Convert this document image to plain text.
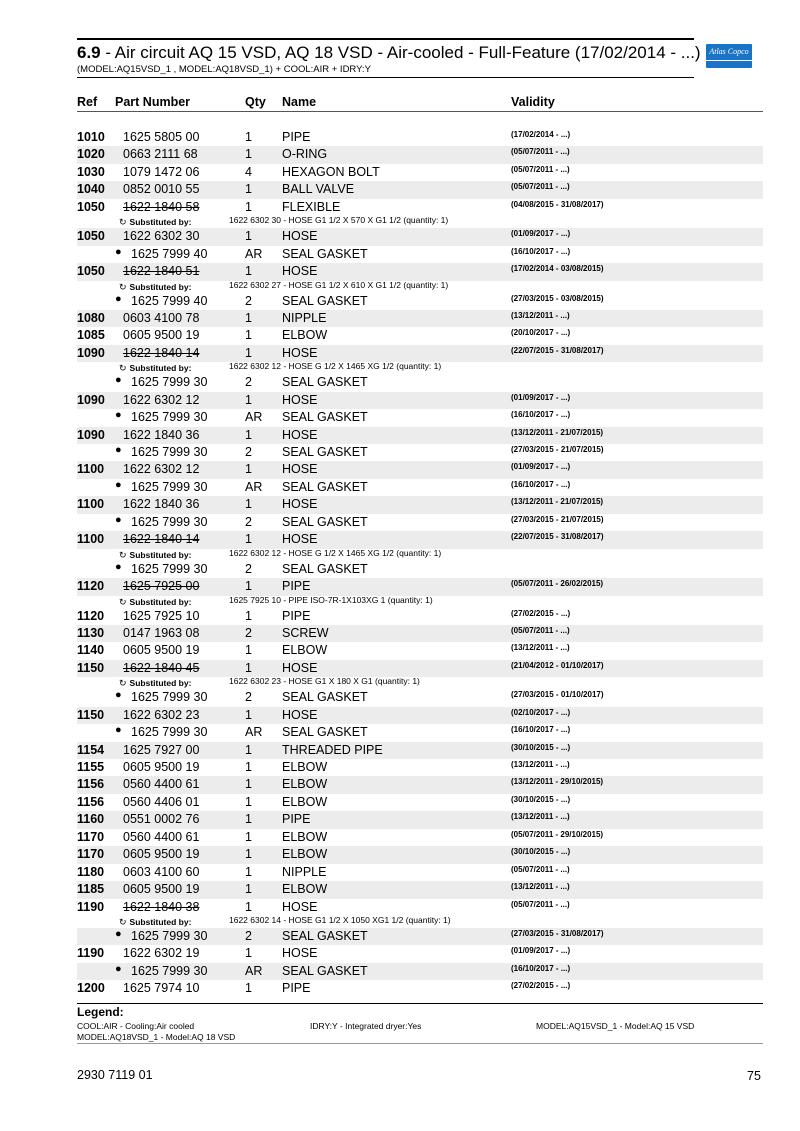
6.9 - Air circuit AQ 15 VSD, AQ 18 VSD - Air-cooled - Full-Feature (17/02/2014 - ...)
(MODEL:AQ15VSD_1 , MODEL:AQ18VSD_1) + COOL:AIR + IDRY:Y
Atlas Copco
Ref Part Number	Qty Name	Validity
1010 1625 5805 00	1 PIPE	(17/02/2014 - ...)
1020 0663 2111 68	1 O-RING	(05/07/2011 - ...)
1030 1079 1472 06	4 HEXAGON BOLT	(05/07/2011 - ...)
1040 0852 0010 55	1 BALL VALVE	(05/07/2011 - ...)
1050 1622 1840 58	1 FLEXIBLE	(04/08/2015 - 31/08/2017)
↻ Substituted by:	1622 6302 30 - HOSE G1 1/2 X 570 X G1 1/2 (quantity: 1)
1050 1622 6302 30	1 HOSE	(01/09/2017 - ...)
● 1625 7999 40	AR SEAL GASKET	(16/10/2017 - ...)
1050 1622 1840 51	1 HOSE	(17/02/2014 - 03/08/2015)
↻ Substituted by:	1622 6302 27 - HOSE G1 1/2 X 610 X G1 1/2 (quantity: 1)
● 1625 7999 40	2 SEAL GASKET	(27/03/2015 - 03/08/2015)
1080 0603 4100 78	1 NIPPLE	(13/12/2011 - ...)
1085 0605 9500 19	1 ELBOW	(20/10/2017 - ...)
1090 1622 1840 14	1 HOSE	(22/07/2015 - 31/08/2017)
↻ Substituted by:	1622 6302 12 - HOSE G 1/2 X 1465 XG 1/2 (quantity: 1)
● 1625 7999 30	2 SEAL GASKET
1090 1622 6302 12	1 HOSE	(01/09/2017 - ...)
● 1625 7999 30	AR SEAL GASKET	(16/10/2017 - ...)
1090 1622 1840 36	1 HOSE	(13/12/2011 - 21/07/2015)
● 1625 7999 30	2 SEAL GASKET	(27/03/2015 - 21/07/2015)
1100 1622 6302 12	1 HOSE	(01/09/2017 - ...)
● 1625 7999 30	AR SEAL GASKET	(16/10/2017 - ...)
1100 1622 1840 36	1 HOSE	(13/12/2011 - 21/07/2015)
● 1625 7999 30	2 SEAL GASKET	(27/03/2015 - 21/07/2015)
1100 1622 1840 14	1 HOSE	(22/07/2015 - 31/08/2017)
↻ Substituted by:	1622 6302 12 - HOSE G 1/2 X 1465 XG 1/2 (quantity: 1)
● 1625 7999 30	2 SEAL GASKET
1120 1625 7925 00	1 PIPE	(05/07/2011 - 26/02/2015)
↻ Substituted by:	1625 7925 10 - PIPE ISO-7R-1X103XG 1 (quantity: 1)
1120 1625 7925 10	1 PIPE	(27/02/2015 - ...)
1130 0147 1963 08	2 SCREW	(05/07/2011 - ...)
1140 0605 9500 19	1 ELBOW	(13/12/2011 - ...)
1150 1622 1840 45	1 HOSE	(21/04/2012 - 01/10/2017)
↻ Substituted by:	1622 6302 23 - HOSE G1 X 180 X G1 (quantity: 1)
● 1625 7999 30	2 SEAL GASKET	(27/03/2015 - 01/10/2017)
1150 1622 6302 23	1 HOSE	(02/10/2017 - ...)
● 1625 7999 30	AR SEAL GASKET	(16/10/2017 - ...)
1154 1625 7927 00	1 THREADED PIPE	(30/10/2015 - ...)
1155 0605 9500 19	1 ELBOW	(13/12/2011 - ...)
1156 0560 4400 61	1 ELBOW	(13/12/2011 - 29/10/2015)
1156 0560 4406 01	1 ELBOW	(30/10/2015 - ...)
1160 0551 0002 76	1 PIPE	(13/12/2011 - ...)
1170 0560 4400 61	1 ELBOW	(05/07/2011 - 29/10/2015)
1170 0605 9500 19	1 ELBOW	(30/10/2015 - ...)
1180 0603 4100 60	1 NIPPLE	(05/07/2011 - ...)
1185 0605 9500 19	1 ELBOW	(13/12/2011 - ...)
1190 1622 1840 38	1 HOSE	(05/07/2011 - ...)
↻ Substituted by:	1622 6302 14 - HOSE G1 1/2 X 1050 XG1 1/2 (quantity: 1)
● 1625 7999 30	2 SEAL GASKET	(27/03/2015 - 31/08/2017)
1190 1622 6302 19	1 HOSE	(01/09/2017 - ...)
● 1625 7999 30	AR SEAL GASKET	(16/10/2017 - ...)
1200 1625 7974 10	1 PIPE	(27/02/2015 - ...)
Legend:
COOL:AIR - Cooling:Air cooled	IDRY:Y - Integrated dryer:Yes	MODEL:AQ15VSD_1 - Model:AQ 15 VSD
MODEL:AQ18VSD_1 - Model:AQ 18 VSD
2930 7119 01	75
